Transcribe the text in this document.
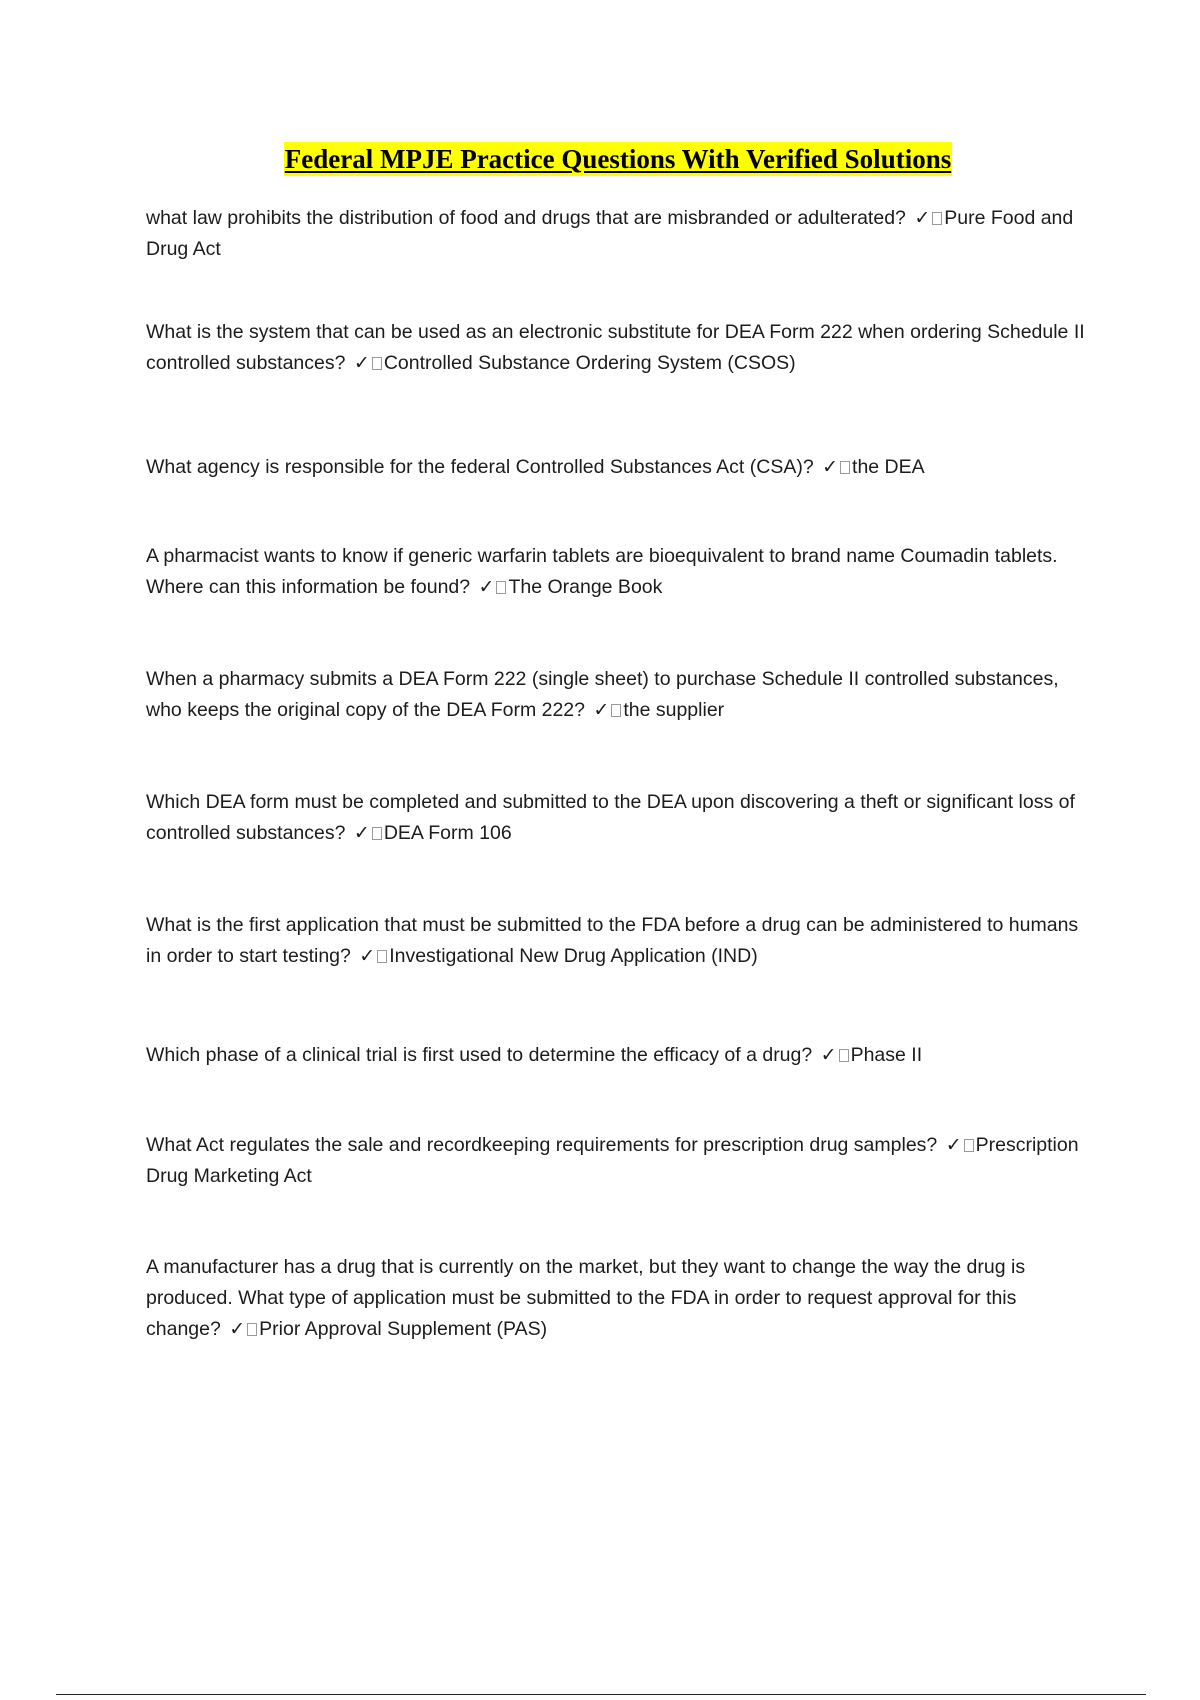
Federal MPJE Practice Questions With Verified Solutions
what law prohibits the distribution of food and drugs that are misbranded or adulterated? ✓ Pure Food and Drug Act
What is the system that can be used as an electronic substitute for DEA Form 222 when ordering Schedule II controlled substances? ✓ Controlled Substance Ordering System (CSOS)
What agency is responsible for the federal Controlled Substances Act (CSA)? ✓ the DEA
A pharmacist wants to know if generic warfarin tablets are bioequivalent to brand name Coumadin tablets. Where can this information be found? ✓ The Orange Book
When a pharmacy submits a DEA Form 222 (single sheet) to purchase Schedule II controlled substances, who keeps the original copy of the DEA Form 222? ✓ the supplier
Which DEA form must be completed and submitted to the DEA upon discovering a theft or significant loss of controlled substances? ✓ DEA Form 106
What is the first application that must be submitted to the FDA before a drug can be administered to humans in order to start testing? ✓ Investigational New Drug Application (IND)
Which phase of a clinical trial is first used to determine the efficacy of a drug? ✓ Phase II
What Act regulates the sale and recordkeeping requirements for prescription drug samples? ✓ Prescription Drug Marketing Act
A manufacturer has a drug that is currently on the market, but they want to change the way the drug is produced. What type of application must be submitted to the FDA in order to request approval for this change? ✓ Prior Approval Supplement (PAS)
